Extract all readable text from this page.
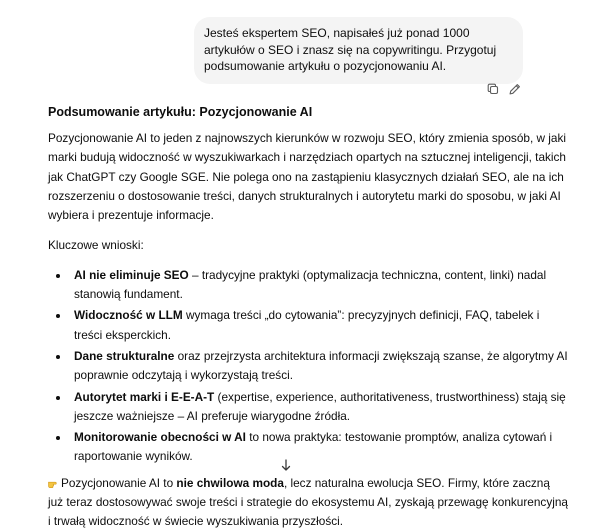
Jesteś ekspertem SEO, napisałeś już ponad 1000 artykułów o SEO i znasz się na copywritingu. Przygotuj podsumowanie artykułu o pozycjonowaniu AI.
Podsumowanie artykułu: Pozycjonowanie AI

Pozycjonowanie AI to jeden z najnowszych kierunków w rozwoju SEO, który zmienia sposób, w jaki marki budują widoczność w wyszukiwarkach i narzędziach opartych na sztucznej inteligencji, takich jak ChatGPT czy Google SGE. Nie polega ono na zastąpieniu klasycznych działań SEO, ale na ich rozszerzeniu o dostosowanie treści, danych strukturalnych i autorytetu marki do sposobu, w jaki AI wybiera i prezentuje informacje.

Kluczowe wnioski:

• AI nie eliminuje SEO – tradycyjne praktyki (optymalizacja techniczna, content, linki) nadal stanowią fundament.
• Widoczność w LLM wymaga treści „do cytowania”: precyzyjnych definicji, FAQ, tabelek i treści eksperckich.
• Dane strukturalne oraz przejrzysta architektura informacji zwiększają szanse, że algorytmy AI poprawnie odczytają i wykorzystają treści.
• Autorytet marki i E-E-A-T (expertise, experience, authoritativeness, trustworthiness) stają się jeszcze ważniejsze – AI preferuje wiarygodne źródła.
• Monitorowanie obecności w AI to nowa praktyka: testowanie promptów, analiza cytowań i raportowanie wyników.

Pozycjonowanie AI to nie chwilowa moda, lecz naturalna ewolucja SEO. Firmy, które zaczną już teraz dostosowywać swoje treści i strategie do ekosystemu AI, zyskają przewagę konkurencyjną i trwałą widoczność w świecie wyszukiwania przyszłości.
